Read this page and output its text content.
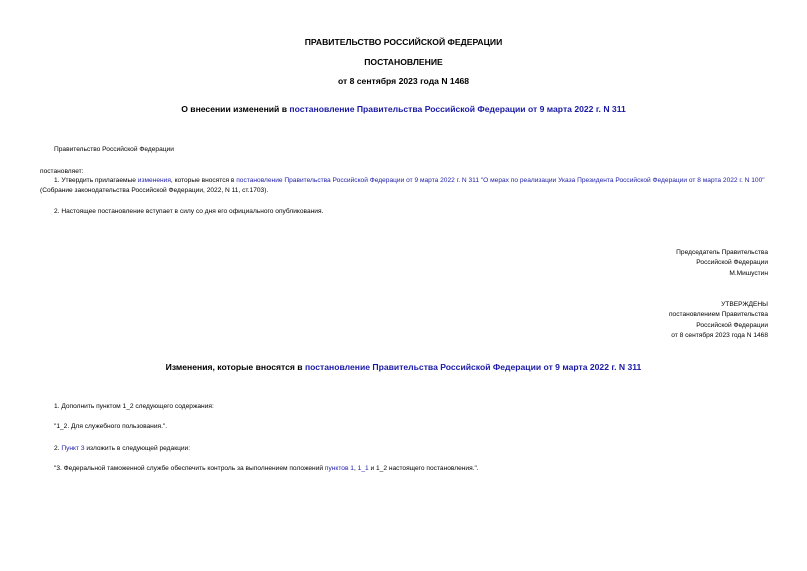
ПРАВИТЕЛЬСТВО РОССИЙСКОЙ ФЕДЕРАЦИИ
ПОСТАНОВЛЕНИЕ
от 8 сентября 2023 года N 1468
О внесении изменений в постановление Правительства Российской Федерации от 9 марта 2022 г. N 311
Правительство Российской Федерации
постановляет:
1. Утвердить прилагаемые изменения, которые вносятся в постановление Правительства Российской Федерации от 9 марта 2022 г. N 311 "О мерах по реализации Указа Президента Российской Федерации от 8 марта 2022 г. N 100" (Собрание законодательства Российской Федерации, 2022, N 11, ст.1703).
2. Настоящее постановление вступает в силу со дня его официального опубликования.

Председатель Правительства

Российской Федерации

М.Мишустин

УТВЕРЖДЕНЫ

постановлением Правительства

Российской Федерации

от 8 сентября 2023 года N 1468

Изменения, которые вносятся в постановление Правительства Российской Федерации от 9 марта 2022 г. N 311
1. Дополнить пунктом 1_2 следующего содержания:
"1_2. Для служебного пользования.".
2. Пункт 3 изложить в следующей редакции:
"3. Федеральной таможенной службе обеспечить контроль за выполнением положений пунктов 1, 1_1 и 1_2 настоящего постановления.".
